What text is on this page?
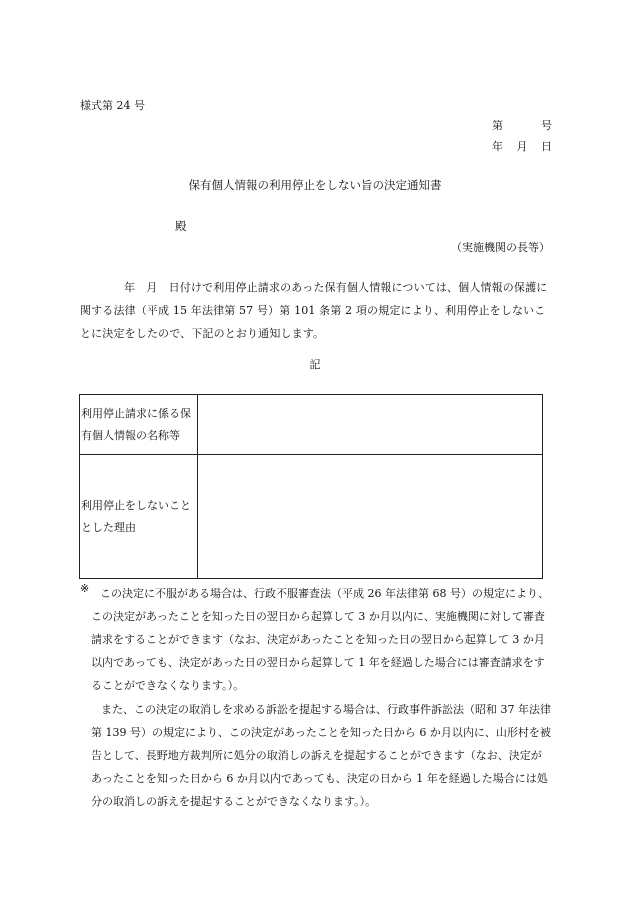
様式第 24 号
第	号
年 月 日
保有個人情報の利用停止をしない旨の決定通知書
殿
（実施機関の長等）
年　月　日付けで利用停止請求のあった保有個人情報については、個人情報の保護に関する法律（平成 15 年法律第 57 号）第 101 条第 2 項の規定により、利用停止をしないことに決定をしたので、下記のとおり通知します。
記
利用停止請求に係る保有個人情報の名称等	
利用停止をしないこととした理由	
※ この決定に不服がある場合は、行政不服審査法（平成 26 年法律第 68 号）の規定により、この決定があったことを知った日の翌日から起算して 3 か月以内に、実施機関に対して審査請求をすることができます（なお、決定があったことを知った日の翌日から起算して 3 か月以内であっても、決定があった日の翌日から起算して 1 年を経過した場合には審査請求をすることができなくなります。）。
また、この決定の取消しを求める訴訟を提起する場合は、行政事件訴訟法（昭和 37 年法律第 139 号）の規定により、この決定があったことを知った日から 6 か月以内に、山形村を被告として、長野地方裁判所に処分の取消しの訴えを提起することができます（なお、決定があったことを知った日から 6 か月以内であっても、決定の日から 1 年を経過した場合には処分の取消しの訴えを提起することができなくなります。）。
